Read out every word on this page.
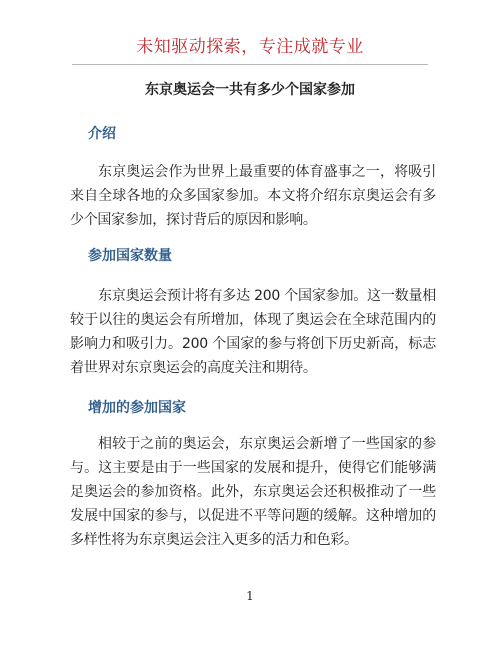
未知驱动探索，专注成就专业
东京奥运会一共有多少个国家参加
介绍

东京奥运会作为世界上最重要的体育盛事之一，将吸引来自全球各地的众多国家参加。本文将介绍东京奥运会有多少个国家参加，探讨背后的原因和影响。

参加国家数量

东京奥运会预计将有多达 200 个国家参加。这一数量相较于以往的奥运会有所增加，体现了奥运会在全球范围内的影响力和吸引力。200 个国家的参与将创下历史新高，标志着世界对东京奥运会的高度关注和期待。

增加的参加国家

相较于之前的奥运会，东京奥运会新增了一些国家的参与。这主要是由于一些国家的发展和提升，使得它们能够满足奥运会的参加资格。此外，东京奥运会还积极推动了一些发展中国家的参与，以促进不平等问题的缓解。这种增加的多样性将为东京奥运会注入更多的活力和色彩。

1
